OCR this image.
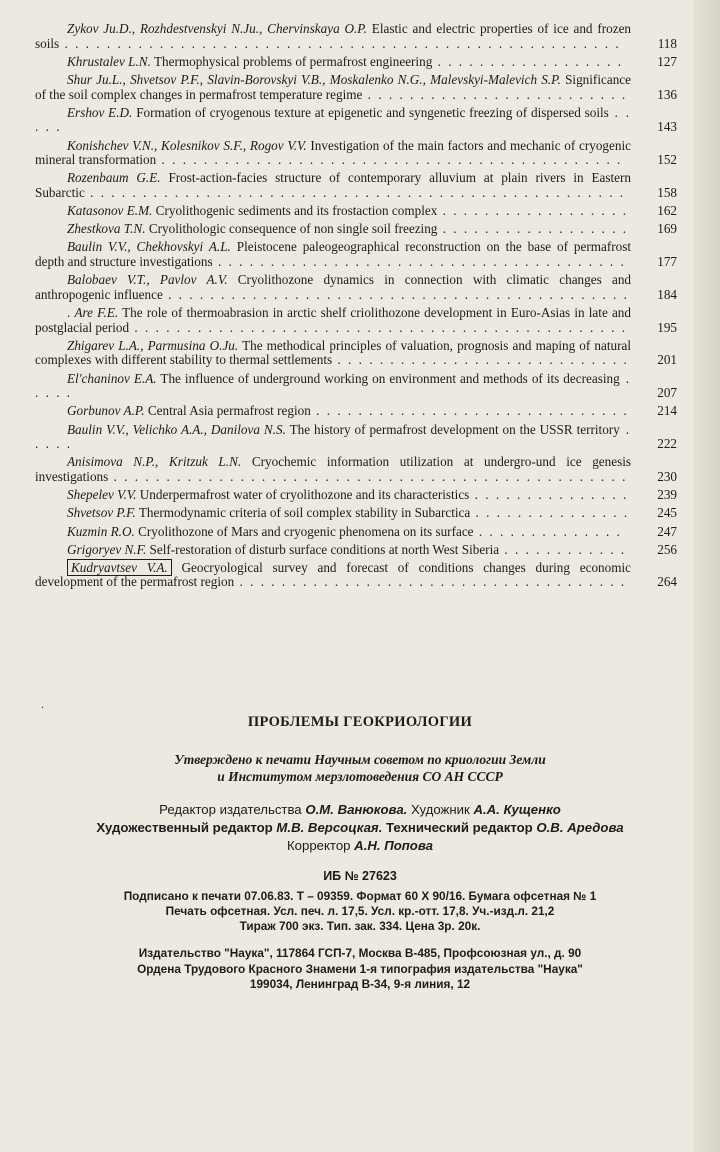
Zykov Ju.D., Rozhdestvenskyi N.Ju., Chervinskaya O.P. Elastic and electric properties of ice and frozen soils . . . . . . . . . . . . . . . . . . . . . . . . . . . . . . . . . . . . . . . . . . . . . . . . . . . . .	118
Khrustalev L.N. Thermophysical problems of permafrost engineering . . . . . . . . . . . . . . . . . .	127
Shur Ju.L., Shvetsov P.F., Slavin-Borovskyi V.B., Moskalenko N.G., Malevskyi-Malevich S.P. Significance of the soil complex changes in permafrost temperature regime . . . . . . . . . . . . . . . . . . . . . . . . .	136
Ershov E.D. Formation of cryogenous texture at epigenetic and syngenetic freezing of dispersed soils . . . . .	143
Konishchev V.N., Kolesnikov S.F., Rogov V.V. Investigation of the main factors and mechanic of cryogenic mineral transformation . . . . . . . . . . . . . . . . . . . . . . . . . . . . . . . . . . . . . . . . . . . .	152
Rozenbaum G.E. Frost-action-facies structure of contemporary alluvium at plain rivers in Eastern Subarctic . . . . . . . . . . . . . . . . . . . . . . . . . . . . . . . . . . . . . . . . . . . . . . . . . . .	158
Katasonov E.M. Cryolithogenic sediments and its frostaction complex . . . . . . . . . . . . . . . . . .	162
Zhestkova T.N. Cryolithologic consequence of non single soil freezing . . . . . . . . . . . . . . . . . .	169
Baulin V.V., Chekhovskyi A.L. Pleistocene paleogeographical reconstruction on the base of permafrost depth and structure investigations . . . . . . . . . . . . . . . . . . . . . . . . . . . . . . . . . . . . . . .	177
Balobaev V.T., Pavlov A.V. Cryolithozone dynamics in connection with climatic changes and anthropogenic influence . . . . . . . . . . . . . . . . . . . . . . . . . . . . . . . . . . . . . . . . . . . .	184
. Are F.E. The role of thermoabrasion in arctic shelf criolithozone development in Euro-Asias in late and postglacial period . . . . . . . . . . . . . . . . . . . . . . . . . . . . . . . . . . . . . . . . . . . . . . .	195
Zhigarev L.A., Parmusina O.Ju. The methodical principles of valuation, prognosis and maping of natural complexes with different stability to thermal settlements . . . . . . . . . . . . . . . . . . . . . . . . . . . .	201
El'chaninov E.A. The influence of underground working on environment and methods of its decreasing . . . . .	207
Gorbunov A.P. Central Asia permafrost region . . . . . . . . . . . . . . . . . . . . . . . . . . . . . .	214
Baulin V.V., Velichko A.A., Danilova N.S. The history of permafrost development on the USSR territory . . . . .	222
Anisimova N.P., Kritzuk L.N. Cryochemic information utilization at undergro-und ice genesis investigations . . . . . . . . . . . . . . . . . . . . . . . . . . . . . . . . . . . . . . . . . . . . . . . . .	230
Shepelev V.V. Underpermafrost water of cryolithozone and its characteristics . . . . . . . . . . . . . . .	239
Shvetsov P.F. Thermodynamic criteria of soil complex stability in Subarctica . . . . . . . . . . . . . . .	245
Kuzmin R.O. Cryolithozone of Mars and cryogenic phenomena on its surface . . . . . . . . . . . . . .	247
Grigoryev N.F. Self-restoration of disturb surface conditions at north West Siberia . . . . . . . . . . . .	256
Kudryavtsev V.A. Geocryological survey and forecast of conditions changes during economic development of the permafrost region . . . . . . . . . . . . . . . . . . . . . . . . . . . . . . . . . . . . .	264
.
ПРОБЛЕМЫ ГЕОКРИОЛОГИИ
Утверждено к печати Научным советом по криологии Земли
и Институтом мерзлотоведения СО АН СССР
Редактор издательства О.М. Ванюкова. Художник А.А. Кущенко
Художественный редактор М.В. Версоцкая. Технический редактор О.В. Аредова
Корректор А.Н. Попова
ИБ № 27623
Подписано к печати 07.06.83. Т – 09359. Формат 60 Х 90/16. Бумага офсетная № 1
Печать офсетная. Усл. печ. л. 17,5. Усл. кр.-отт. 17,8. Уч.-изд.л. 21,2
Тираж 700 экз. Тип. зак. 334. Цена 3р. 20к.
Издательство "Наука", 117864 ГСП-7, Москва В-485, Профсоюзная ул., д. 90
Ордена Трудового Красного Знамени 1-я типография издательства "Наука"
199034, Ленинград В-34, 9-я линия, 12
